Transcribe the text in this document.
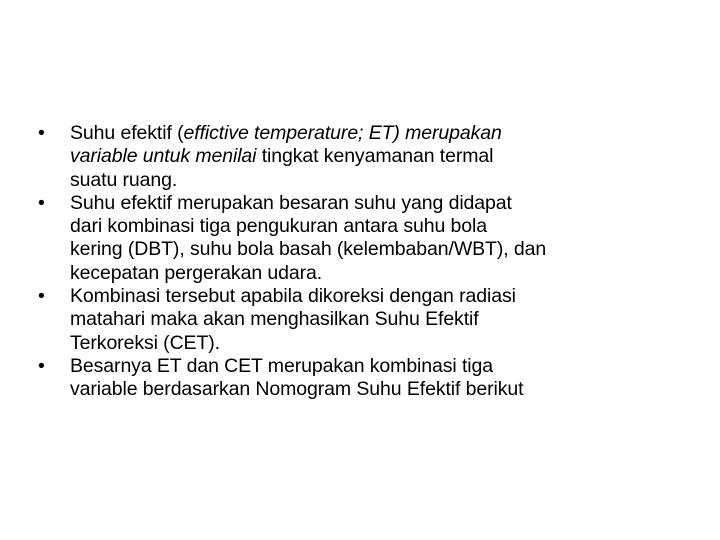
•	Suhu efektif (effictive temperature; ET) merupakan
variable untuk menilai tingkat kenyamanan termal
suatu ruang.
•	Suhu efektif merupakan besaran suhu yang didapat
dari kombinasi tiga pengukuran antara suhu bola
kering (DBT), suhu bola basah (kelembaban/WBT), dan
kecepatan pergerakan udara.
•	Kombinasi tersebut apabila dikoreksi dengan radiasi
matahari maka akan menghasilkan Suhu Efektif
Terkoreksi (CET).
•	Besarnya ET dan CET merupakan kombinasi tiga
variable berdasarkan Nomogram Suhu Efektif berikut
